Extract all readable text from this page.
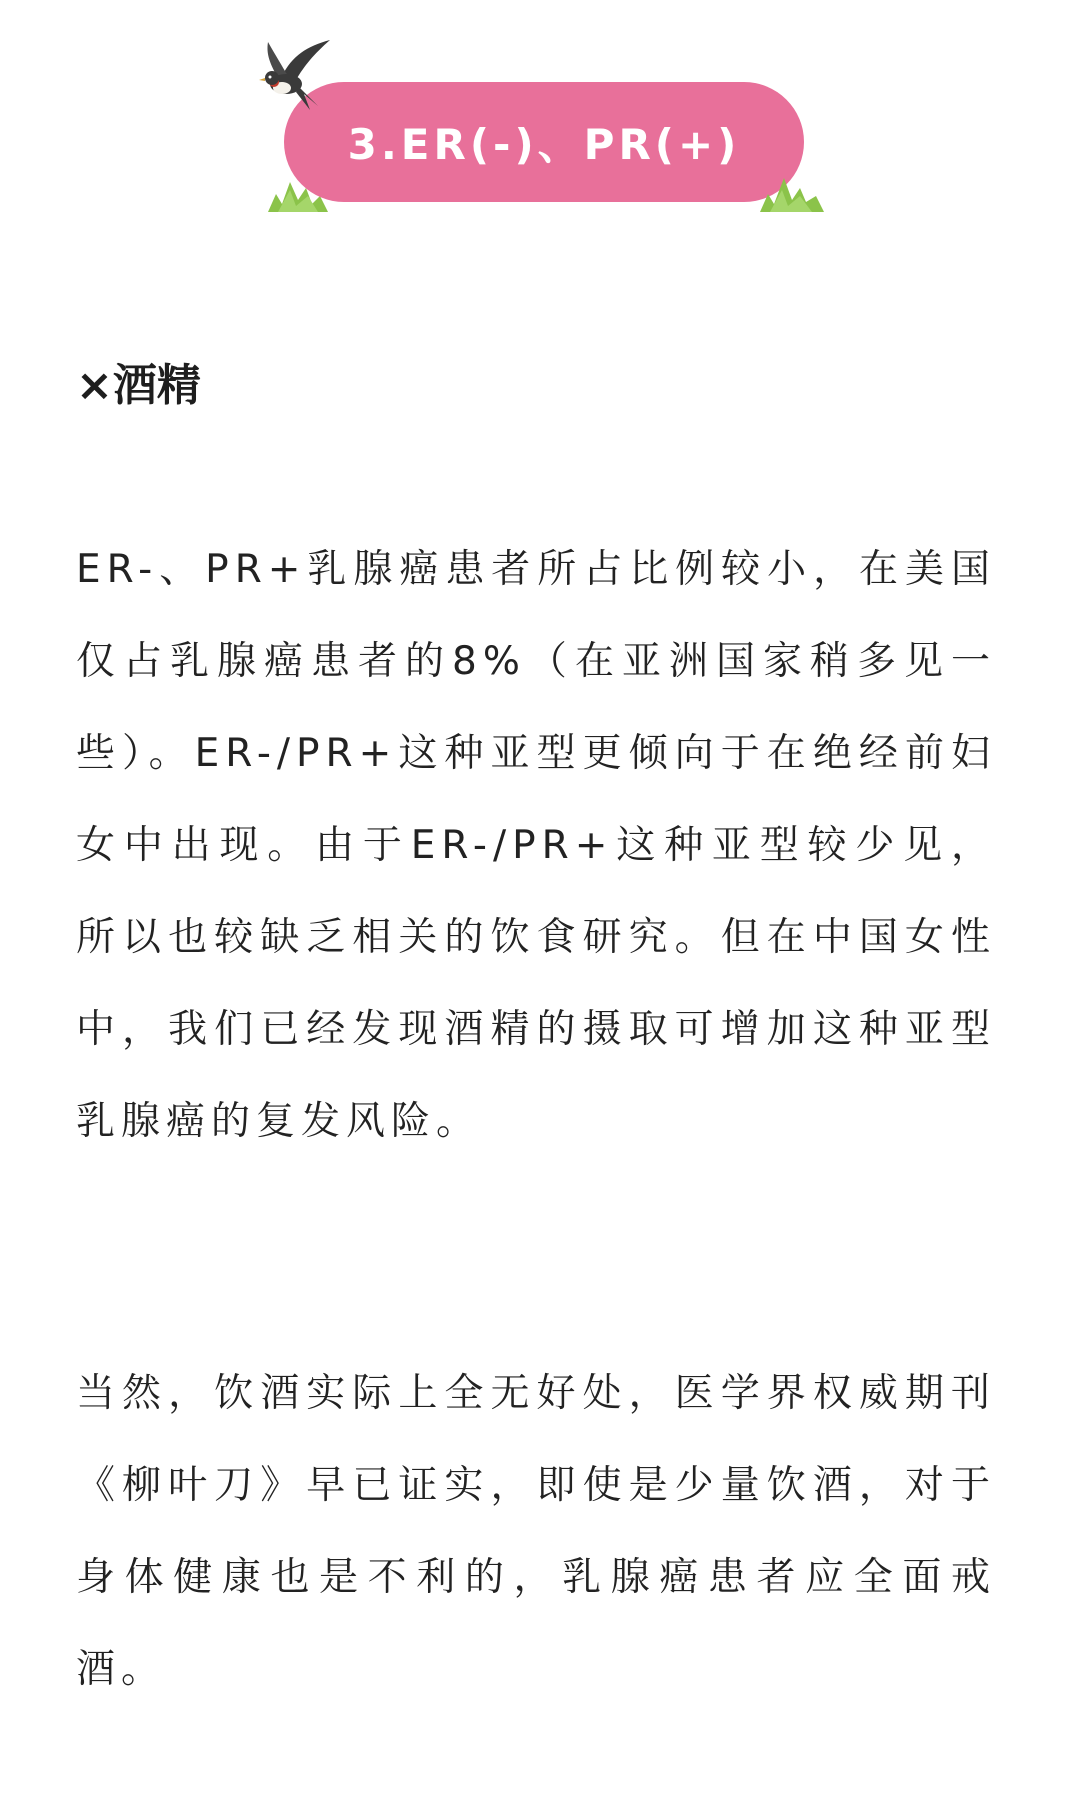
3.ER(-)、PR(+)
×酒精

ER-、PR+乳腺癌患者所占比例较小，在美国仅占乳腺癌患者的8%（在亚洲国家稍多见一些）。ER-/PR+这种亚型更倾向于在绝经前妇女中出现。由于ER-/PR+这种亚型较少见，所以也较缺乏相关的饮食研究。但在中国女性中，我们已经发现酒精的摄取可增加这种亚型乳腺癌的复发风险。

当然，饮酒实际上全无好处，医学界权威期刊《柳叶刀》早已证实，即使是少量饮酒，对于身体健康也是不利的，乳腺癌患者应全面戒酒。
